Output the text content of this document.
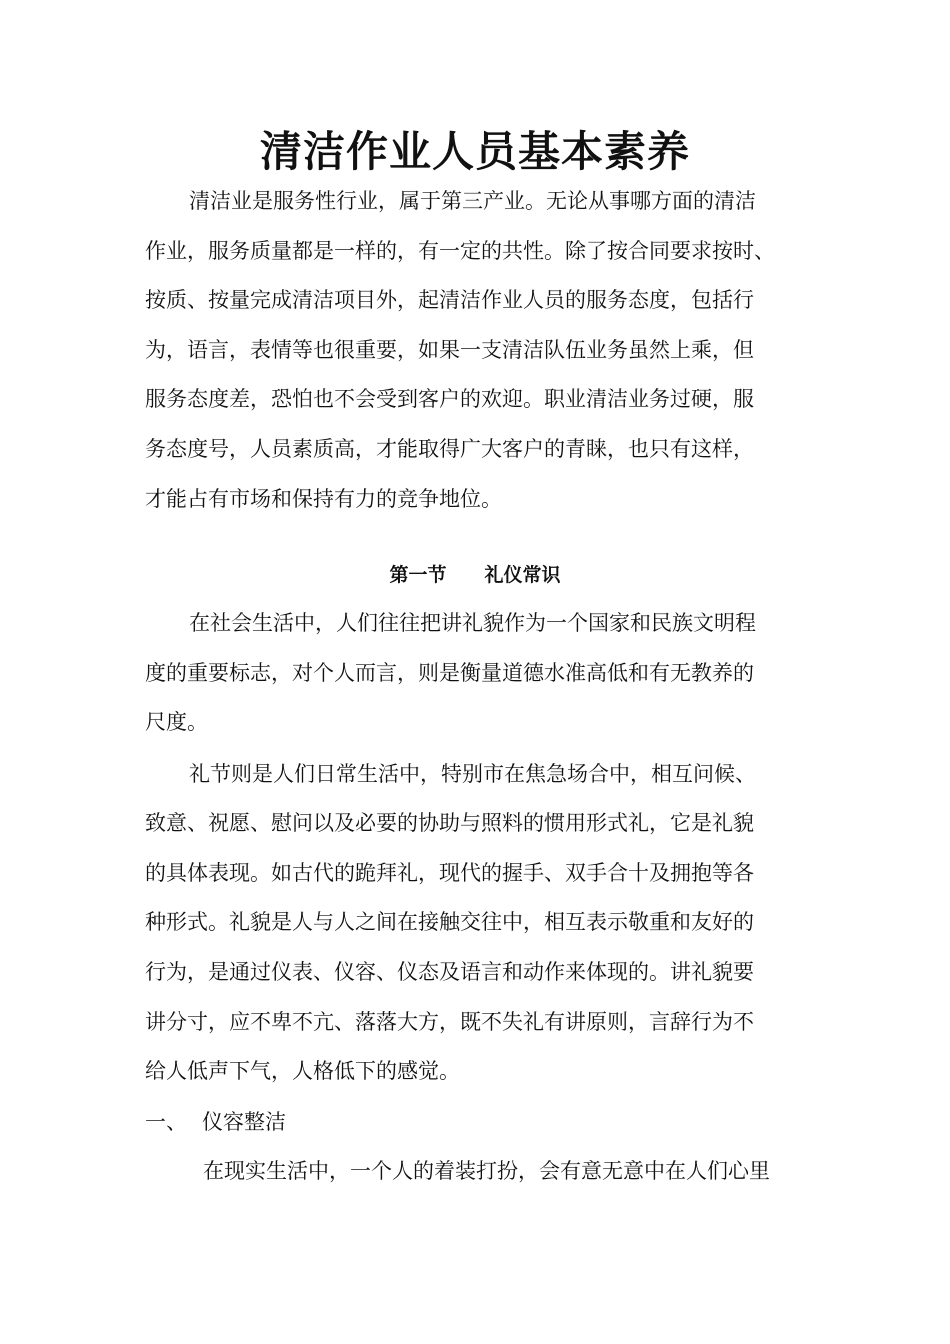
清洁作业人员基本素养
清洁业是服务性行业，属于第三产业。无论从事哪方面的清洁
作业，服务质量都是一样的，有一定的共性。除了按合同要求按时、
按质、按量完成清洁项目外，起清洁作业人员的服务态度，包括行
为，语言，表情等也很重要，如果一支清洁队伍业务虽然上乘，但
服务态度差，恐怕也不会受到客户的欢迎。职业清洁业务过硬，服
务态度号，人员素质高，才能取得广大客户的青睐，也只有这样，
才能占有市场和保持有力的竞争地位。
第一节 礼仪常识
在社会生活中，人们往往把讲礼貌作为一个国家和民族文明程
度的重要标志，对个人而言，则是衡量道德水准高低和有无教养的
尺度。
礼节则是人们日常生活中，特别市在焦急场合中，相互问候、
致意、祝愿、慰问以及必要的协助与照料的惯用形式礼，它是礼貌
的具体表现。如古代的跪拜礼，现代的握手、双手合十及拥抱等各
种形式。礼貌是人与人之间在接触交往中，相互表示敬重和友好的
行为，是通过仪表、仪容、仪态及语言和动作来体现的。讲礼貌要
讲分寸，应不卑不亢、落落大方，既不失礼有讲原则，言辞行为不
给人低声下气，人格低下的感觉。
一、 仪容整洁
在现实生活中，一个人的着装打扮，会有意无意中在人们心里
